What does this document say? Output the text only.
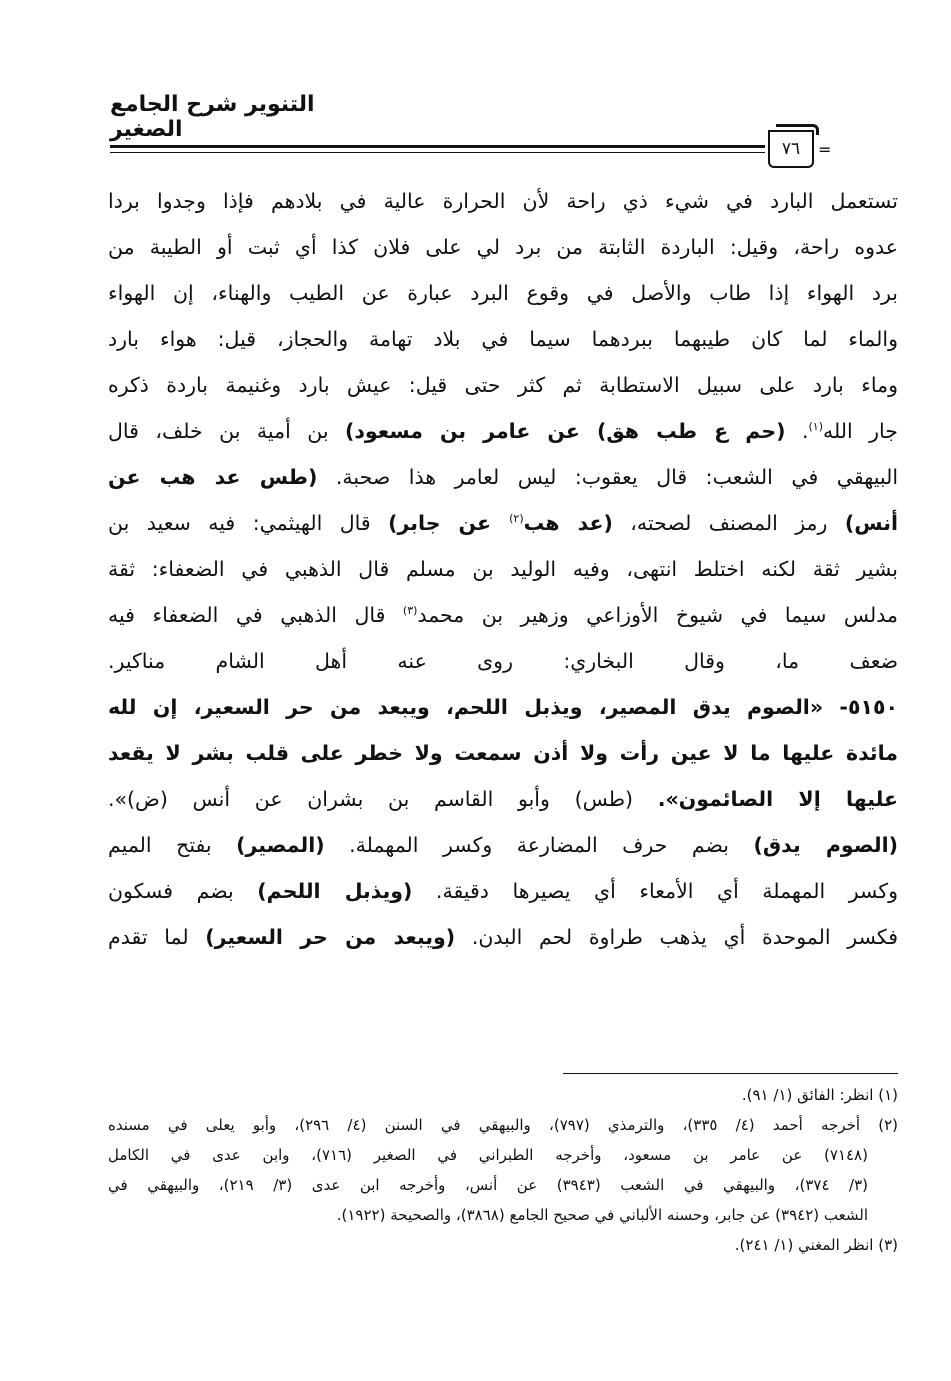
التنوير شرح الجامع الصغير
٧٦	=
تستعمل البارد في شيء ذي راحة لأن الحرارة عالية في بلادهم فإذا وجدوا بردا
عدوه راحة، وقيل: الباردة الثابتة من برد لي على فلان كذا أي ثبت أو الطيبة من
برد الهواء إذا طاب والأصل في وقوع البرد عبارة عن الطيب والهناء، إن الهواء
والماء لما كان طيبهما ببردهما سيما في بلاد تهامة والحجاز، قيل: هواء بارد
وماء بارد على سبيل الاستطابة ثم كثر حتى قيل: عيش بارد وغنيمة باردة ذكره
جار الله$^{(١)}$. (حم ع طب هق) عن عامر بن مسعود) بن أمية بن خلف، قال
البيهقي في الشعب: قال يعقوب: ليس لعامر هذا صحبة. (طس عد هب عن
أنس) رمز المصنف لصحته، (عد هب$^{(٢)}$ عن جابر) قال الهيثمي: فيه سعيد بن
بشير ثقة لكنه اختلط انتهى، وفيه الوليد بن مسلم قال الذهبي في الضعفاء: ثقة
مدلس سيما في شيوخ الأوزاعي وزهير بن محمد$^{(٣)}$ قال الذهبي في الضعفاء فيه
ضعف ما، وقال البخاري: روى عنه أهل الشام مناكير.
٥١٥٠- «الصوم يدق المصير، ويذبل اللحم، ويبعد من حر السعير، إن لله
مائدة عليها ما لا عين رأت ولا أذن سمعت ولا خطر على قلب بشر لا يقعد
عليها إلا الصائمون». (طس) وأبو القاسم بن بشران عن أنس (ض)».
(الصوم يدق) بضم حرف المضارعة وكسر المهملة. (المصير) بفتح الميم
وكسر المهملة أي الأمعاء أي يصيرها دقيقة. (ويذبل اللحم) بضم فسكون
فكسر الموحدة أي يذهب طراوة لحم البدن. (ويبعد من حر السعير) لما تقدم
(١) انظر: الفائق (١/ ٩١).
(٢) أخرجه أحمد (٤/ ٣٣٥)، والترمذي (٧٩٧)، والبيهقي في السنن (٤/ ٢٩٦)، وأبو يعلى في مسنده
(٧١٤٨) عن عامر بن مسعود، وأخرجه الطبراني في الصغير (٧١٦)، وابن عدى في الكامل
(٣/ ٣٧٤)، والبيهقي في الشعب (٣٩٤٣) عن أنس، وأخرجه ابن عدى (٣/ ٢١٩)، والبيهقي في
الشعب (٣٩٤٢) عن جابر، وحسنه الألباني في صحيح الجامع (٣٨٦٨)، والصحيحة (١٩٢٢).
(٣) انظر المغني (١/ ٢٤١).
